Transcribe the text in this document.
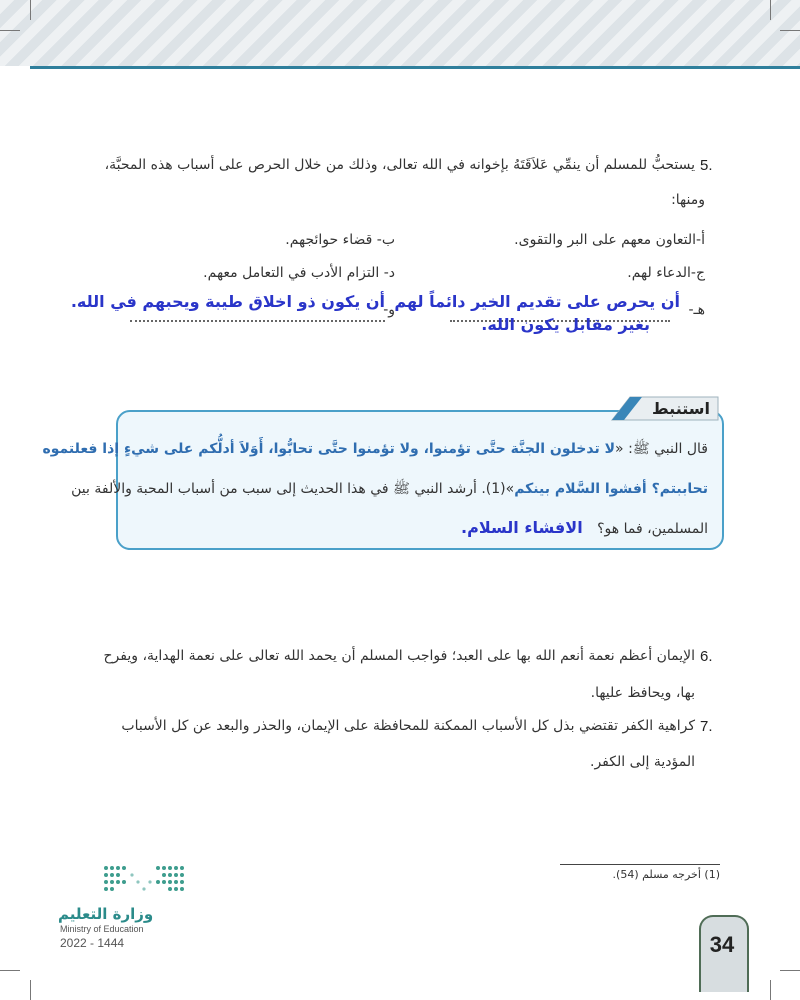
5.
يستحبُّ للمسلم أن ينمِّي عَلاَقَتَهُ بإخوانه في الله تعالى، وذلك من خلال الحرص على أسباب هذه المحبَّة،
ومنها:
أ-التعاون معهم على البر والتقوى.
ب- قضاء حوائجهم.
ج-الدعاء لهم.
د- التزام الأدب في التعامل معهم.
هـ-
و- أن يحرص على تقديم الخير دائماً لهم
بغير مقابل يكون الله.
أن يكون ذو اخلاق طيبة ويحبهم في الله.
قال النبي ﷺ: «لا تدخلون الجنَّة حتَّى تؤمنوا، ولا تؤمنوا حتَّى تحابُّوا، أَوَلاَ أدلُّكم على شيءٍ إذا فعلتموه
تحاببتم؟ أفشوا السَّلام بينكم»(1). أرشد النبي ﷺ في هذا الحديث إلى سبب من أسباب المحبة والألفة بين
المسلمين، فما هو؟ الافشاء السلام.
استنبط
6.
الإيمان أعظم نعمة أنعم الله بها على العبد؛ فواجب المسلم أن يحمد الله تعالى على نعمة الهداية، ويفرح
بها، ويحافظ عليها.
7.
كراهية الكفر تقتضي بذل كل الأسباب الممكنة للمحافظة على الإيمان، والحذر والبعد عن كل الأسباب
المؤدية إلى الكفر.
(1) أخرجه مسلم (54).
وزارة التعليم
Ministry of Education
2022 - 1444	34
